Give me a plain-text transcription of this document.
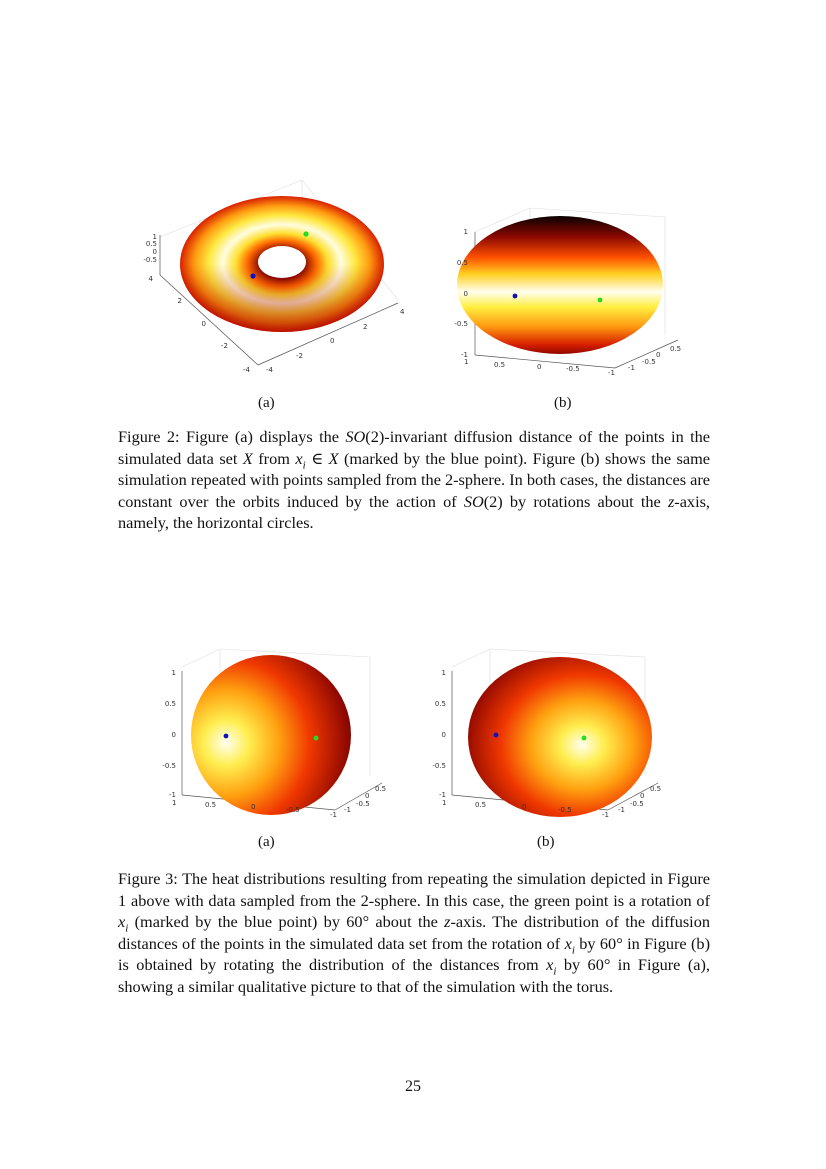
1
0.5
0
-0.5
4
2
0
-2
-4 -4
-2
0
2
4
(a)
1
0.5
0
-0.5
-1
1	0.5	0	-0.5	-1
-1
-0.5
0
0.5
(b)
Figure 2: Figure (a) displays the SO(2)-invariant diffusion distance of the points in the simulated data set X from $x_i$ ∈ X (marked by the blue point). Figure (b) shows the same simulation repeated with points sampled from the 2-sphere. In both cases, the distances are constant over the orbits induced by the action of SO(2) by rotations about the z-axis, namely, the horizontal circles.
1
0.5
0
-0.5
-1
1	0.5	0	-0.5
-1
-1
-0.5
0
0.5
(a)
1
0.5
0
-0.5
-1
1	0.5	0	-0.5
-1
-1
-0.5
0
0.5
(b)
Figure 3: The heat distributions resulting from repeating the simulation depicted in Figure 1 above with data sampled from the 2-sphere. In this case, the green point is a rotation of $x_i$ (marked by the blue point) by 60° about the z-axis. The distribution of the diffusion distances of the points in the simulated data set from the rotation of $x_i$ by 60° in Figure (b) is obtained by rotating the distribution of the distances from $x_i$ by 60° in Figure (a), showing a similar qualitative picture to that of the simulation with the torus.
25
